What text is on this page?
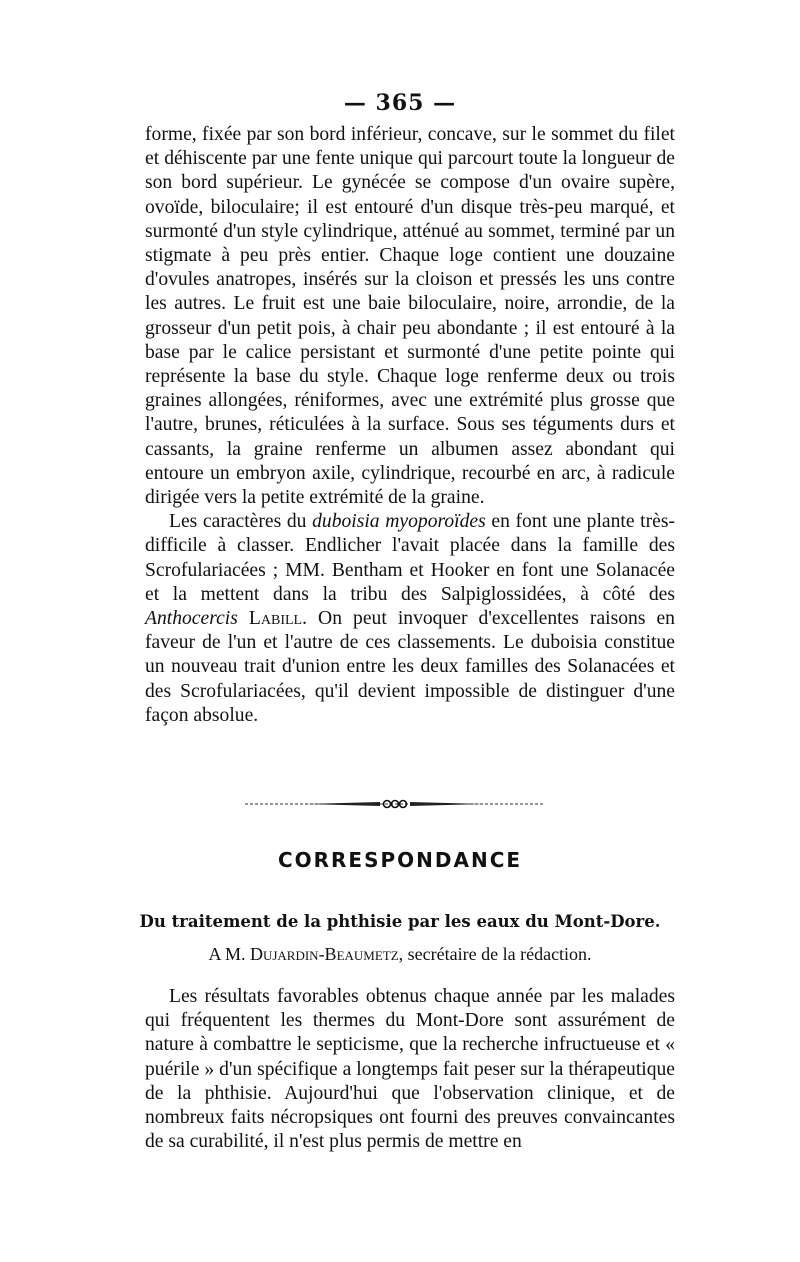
— 365 —

forme, fixée par son bord inférieur, concave, sur le sommet du filet et déhiscente par une fente unique qui parcourt toute la longueur de son bord supérieur. Le gynécée se compose d'un ovaire supère, ovoïde, biloculaire; il est entouré d'un disque très-peu marqué, et surmonté d'un style cylindrique, atténué au sommet, terminé par un stigmate à peu près entier. Chaque loge contient une douzaine d'ovules anatropes, insérés sur la cloison et pressés les uns contre les autres. Le fruit est une baie biloculaire, noire, arrondie, de la grosseur d'un petit pois, à chair peu abondante ; il est entouré à la base par le calice persistant et surmonté d'une petite pointe qui représente la base du style. Chaque loge renferme deux ou trois graines allongées, réniformes, avec une extrémité plus grosse que l'autre, brunes, réticulées à la surface. Sous ses téguments durs et cassants, la graine renferme un albumen assez abondant qui entoure un embryon axile, cylindrique, recourbé en arc, à radicule dirigée vers la petite extrémité de la graine.

Les caractères du duboisia myoporoïdes en font une plante très-difficile à classer. Endlicher l'avait placée dans la famille des Scrofulariacées ; MM. Bentham et Hooker en font une Solanacée et la mettent dans la tribu des Salpiglossidées, à côté des Anthocercis Labill. On peut invoquer d'excellentes raisons en faveur de l'un et l'autre de ces classements. Le duboisia constitue un nouveau trait d'union entre les deux familles des Solanacées et des Scrofulariacées, qu'il devient impossible de distinguer d'une façon absolue.

CORRESPONDANCE
Du traitement de la phthisie par les eaux du Mont-Dore.
A M. Dujardin-Beaumetz, secrétaire de la rédaction.

Les résultats favorables obtenus chaque année par les malades qui fréquentent les thermes du Mont-Dore sont assurément de nature à combattre le septicisme, que la recherche infructueuse et « puérile » d'un spécifique a longtemps fait peser sur la thérapeutique de la phthisie. Aujourd'hui que l'observation clinique, et de nombreux faits nécropsiques ont fourni des preuves convaincantes de sa curabilité, il n'est plus permis de mettre en
